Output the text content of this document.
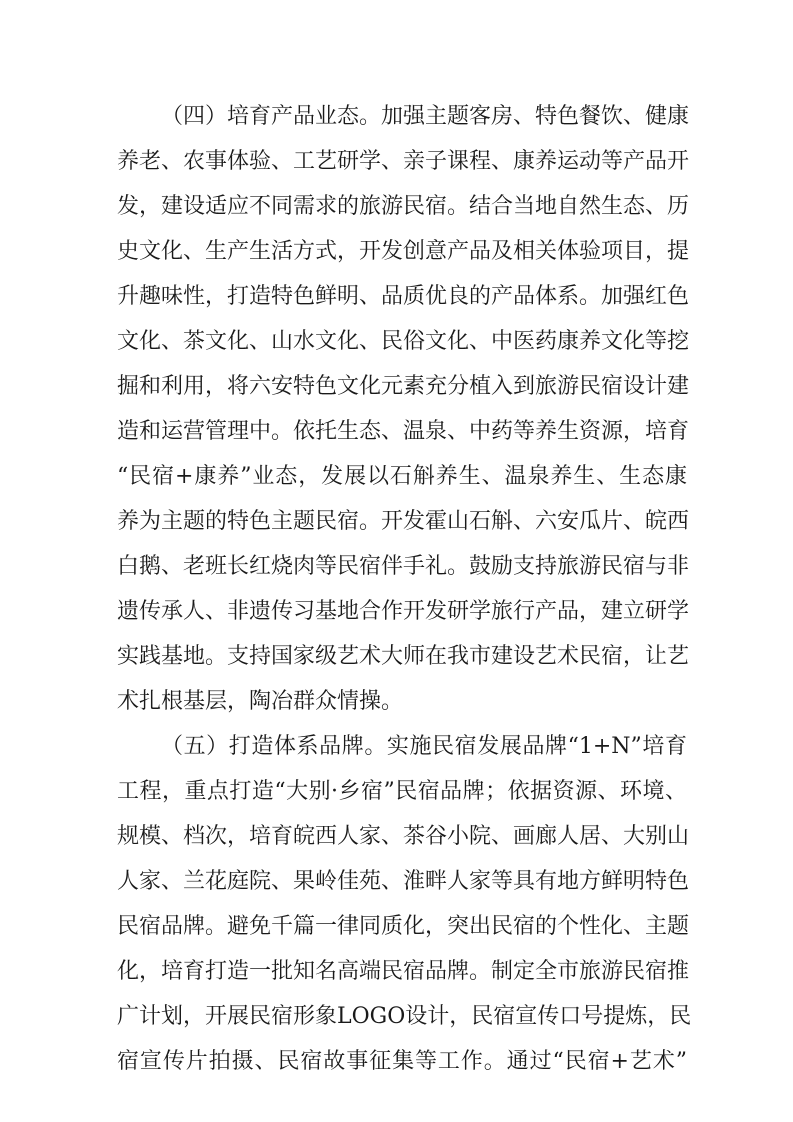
（四）培育产品业态。加强主题客房、特色餐饮、健康
养老、农事体验、工艺研学、亲子课程、康养运动等产品开
发，建设适应不同需求的旅游民宿。结合当地自然生态、历
史文化、生产生活方式，开发创意产品及相关体验项目，提
升趣味性，打造特色鲜明、品质优良的产品体系。加强红色
文化、茶文化、山水文化、民俗文化、中医药康养文化等挖
掘和利用，将六安特色文化元素充分植入到旅游民宿设计建
造和运营管理中。依托生态、温泉、中药等养生资源，培育
“民宿+康养”业态，发展以石斛养生、温泉养生、生态康
养为主题的特色主题民宿。开发霍山石斛、六安瓜片、皖西
白鹅、老班长红烧肉等民宿伴手礼。鼓励支持旅游民宿与非
遗传承人、非遗传习基地合作开发研学旅行产品，建立研学
实践基地。支持国家级艺术大师在我市建设艺术民宿，让艺
术扎根基层，陶冶群众情操。
（五）打造体系品牌。实施民宿发展品牌“1+N”培育
工程，重点打造“大别·乡宿”民宿品牌；依据资源、环境、
规模、档次，培育皖西人家、茶谷小院、画廊人居、大别山
人家、兰花庭院、果岭佳苑、淮畔人家等具有地方鲜明特色
民宿品牌。避免千篇一律同质化，突出民宿的个性化、主题
化，培育打造一批知名高端民宿品牌。制定全市旅游民宿推
广计划，开展民宿形象LOGO设计，民宿宣传口号提炼，民
宿宣传片拍摄、民宿故事征集等工作。通过“民宿+艺术”
